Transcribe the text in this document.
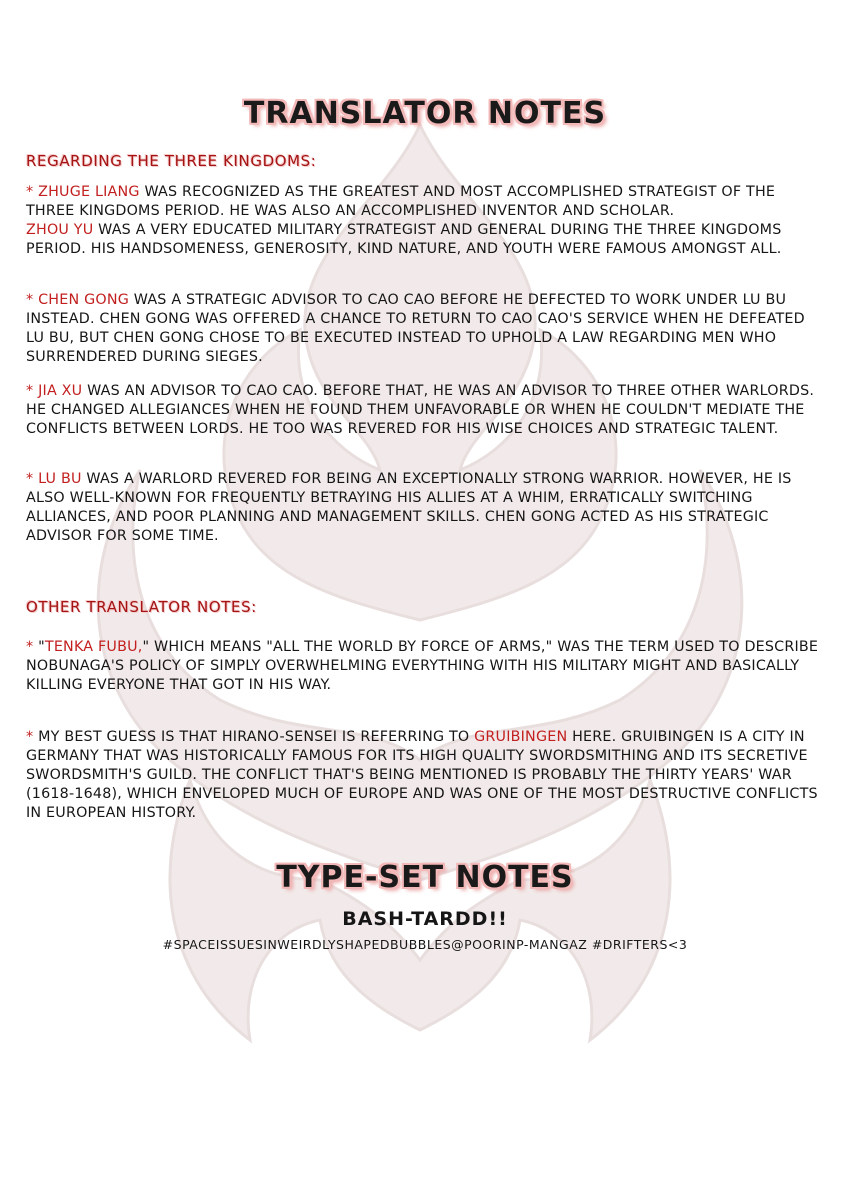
TRANSLATOR NOTES
REGARDING THE THREE KINGDOMS:

* ZHUGE LIANG WAS RECOGNIZED AS THE GREATEST AND MOST ACCOMPLISHED STRATEGIST OF THE THREE KINGDOMS PERIOD. HE WAS ALSO AN ACCOMPLISHED INVENTOR AND SCHOLAR.

ZHOU YU WAS A VERY EDUCATED MILITARY STRATEGIST AND GENERAL DURING THE THREE KINGDOMS PERIOD. HIS HANDSOMENESS, GENEROSITY, KIND NATURE, AND YOUTH WERE FAMOUS AMONGST ALL.

* CHEN GONG WAS A STRATEGIC ADVISOR TO CAO CAO BEFORE HE DEFECTED TO WORK UNDER LU BU INSTEAD. CHEN GONG WAS OFFERED A CHANCE TO RETURN TO CAO CAO'S SERVICE WHEN HE DEFEATED LU BU, BUT CHEN GONG CHOSE TO BE EXECUTED INSTEAD TO UPHOLD A LAW REGARDING MEN WHO SURRENDERED DURING SIEGES.

* JIA XU WAS AN ADVISOR TO CAO CAO. BEFORE THAT, HE WAS AN ADVISOR TO THREE OTHER WARLORDS. HE CHANGED ALLEGIANCES WHEN HE FOUND THEM UNFAVORABLE OR WHEN HE COULDN'T MEDIATE THE CONFLICTS BETWEEN LORDS. HE TOO WAS REVERED FOR HIS WISE CHOICES AND STRATEGIC TALENT.

* LU BU WAS A WARLORD REVERED FOR BEING AN EXCEPTIONALLY STRONG WARRIOR. HOWEVER, HE IS ALSO WELL-KNOWN FOR FREQUENTLY BETRAYING HIS ALLIES AT A WHIM, ERRATICALLY SWITCHING ALLIANCES, AND POOR PLANNING AND MANAGEMENT SKILLS. CHEN GONG ACTED AS HIS STRATEGIC ADVISOR FOR SOME TIME.

OTHER TRANSLATOR NOTES:

* "TENKA FUBU," WHICH MEANS "ALL THE WORLD BY FORCE OF ARMS," WAS THE TERM USED TO DESCRIBE NOBUNAGA'S POLICY OF SIMPLY OVERWHELMING EVERYTHING WITH HIS MILITARY MIGHT AND BASICALLY KILLING EVERYONE THAT GOT IN HIS WAY.

* MY BEST GUESS IS THAT HIRANO-SENSEI IS REFERRING TO GRUIBINGEN HERE. GRUIBINGEN IS A CITY IN GERMANY THAT WAS HISTORICALLY FAMOUS FOR ITS HIGH QUALITY SWORDSMITHING AND ITS SECRETIVE SWORDSMITH'S GUILD. THE CONFLICT THAT'S BEING MENTIONED IS PROBABLY THE THIRTY YEARS' WAR (1618-1648), WHICH ENVELOPED MUCH OF EUROPE AND WAS ONE OF THE MOST DESTRUCTIVE CONFLICTS IN EUROPEAN HISTORY.

TYPE-SET NOTES
BASH-TARDD!!
#SPACEISSUESINWEIRDLYSHAPEDBUBBLES@POORINP-MANGAZ #DRIFTERS<3
